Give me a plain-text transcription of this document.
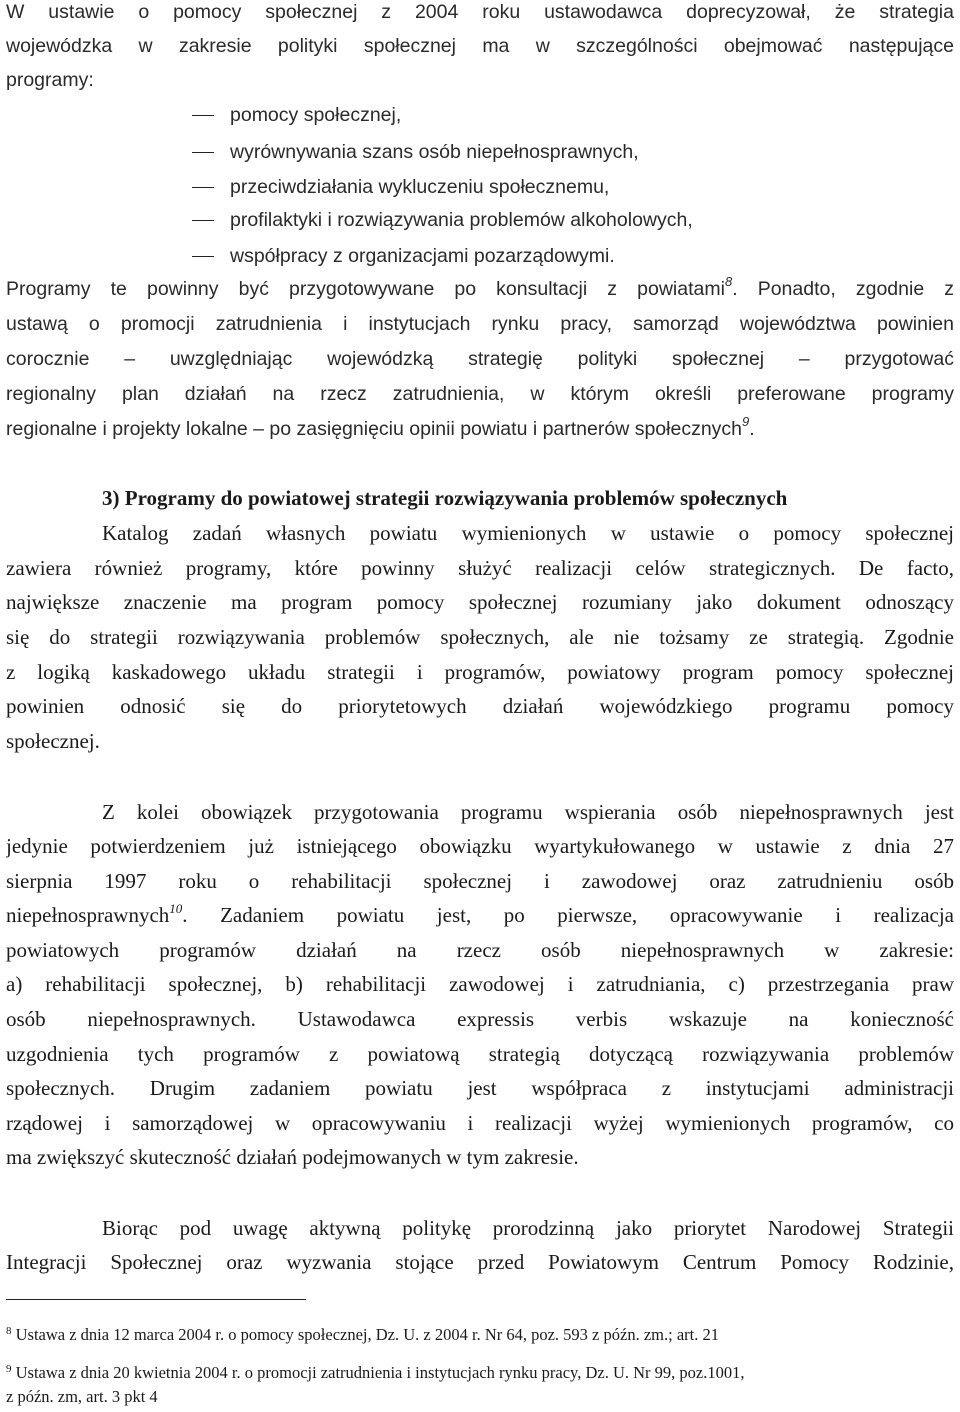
W ustawie o pomocy społecznej z 2004 roku ustawodawca doprecyzował, że strategia
wojewódzka w zakresie polityki społecznej ma w szczególności obejmować następujące
programy:
pomocy społecznej,
wyrównywania szans osób niepełnosprawnych,
przeciwdziałania wykluczeniu społecznemu,
profilaktyki i rozwiązywania problemów alkoholowych,
współpracy z organizacjami pozarządowymi.
Programy te powinny być przygotowywane po konsultacji z powiatami$^8$. Ponadto, zgodnie z
ustawą o promocji zatrudnienia i instytucjach rynku pracy, samorząd województwa powinien
corocznie – uwzględniając wojewódzką strategię polityki społecznej – przygotować
regionalny plan działań na rzecz zatrudnienia, w którym określi preferowane programy
regionalne i projekty lokalne – po zasięgnięciu opinii powiatu i partnerów społecznych$^9$.
3) Programy do powiatowej strategii rozwiązywania problemów społecznych
Katalog zadań własnych powiatu wymienionych w ustawie o pomocy społecznej
zawiera również programy, które powinny służyć realizacji celów strategicznych. De facto,
największe znaczenie ma program pomocy społecznej rozumiany jako dokument odnoszący
się do strategii rozwiązywania problemów społecznych, ale nie tożsamy ze strategią. Zgodnie
z logiką kaskadowego układu strategii i programów, powiatowy program pomocy społecznej
powinien odnosić się do priorytetowych działań wojewódzkiego programu pomocy
społecznej.
Z kolei obowiązek przygotowania programu wspierania osób niepełnosprawnych jest
jedynie potwierdzeniem już istniejącego obowiązku wyartykułowanego w ustawie z dnia 27
sierpnia 1997 roku o rehabilitacji społecznej i zawodowej oraz zatrudnieniu osób
niepełnosprawnych$^{10}$. Zadaniem powiatu jest, po pierwsze, opracowywanie i realizacja
powiatowych programów działań na rzecz osób niepełnosprawnych w zakresie:
a) rehabilitacji społecznej, b) rehabilitacji zawodowej i zatrudniania, c) przestrzegania praw
osób niepełnosprawnych. Ustawodawca expressis verbis wskazuje na konieczność
uzgodnienia tych programów z powiatową strategią dotyczącą rozwiązywania problemów
społecznych. Drugim zadaniem powiatu jest współpraca z instytucjami administracji
rządowej i samorządowej w opracowywaniu i realizacji wyżej wymienionych programów, co
ma zwiększyć skuteczność działań podejmowanych w tym zakresie.
Biorąc pod uwagę aktywną politykę prorodzinną jako priorytet Narodowej Strategii
Integracji Społecznej oraz wyzwania stojące przed Powiatowym Centrum Pomocy Rodzinie,
$^8$ Ustawa z dnia 12 marca 2004 r. o pomocy społecznej, Dz. U. z 2004 r. Nr 64, poz. 593 z późn. zm.; art. 21
$^9$ Ustawa z dnia 20 kwietnia 2004 r. o promocji zatrudnienia i instytucjach rynku pracy, Dz. U. Nr 99, poz.1001,
z późn. zm, art. 3 pkt 4
